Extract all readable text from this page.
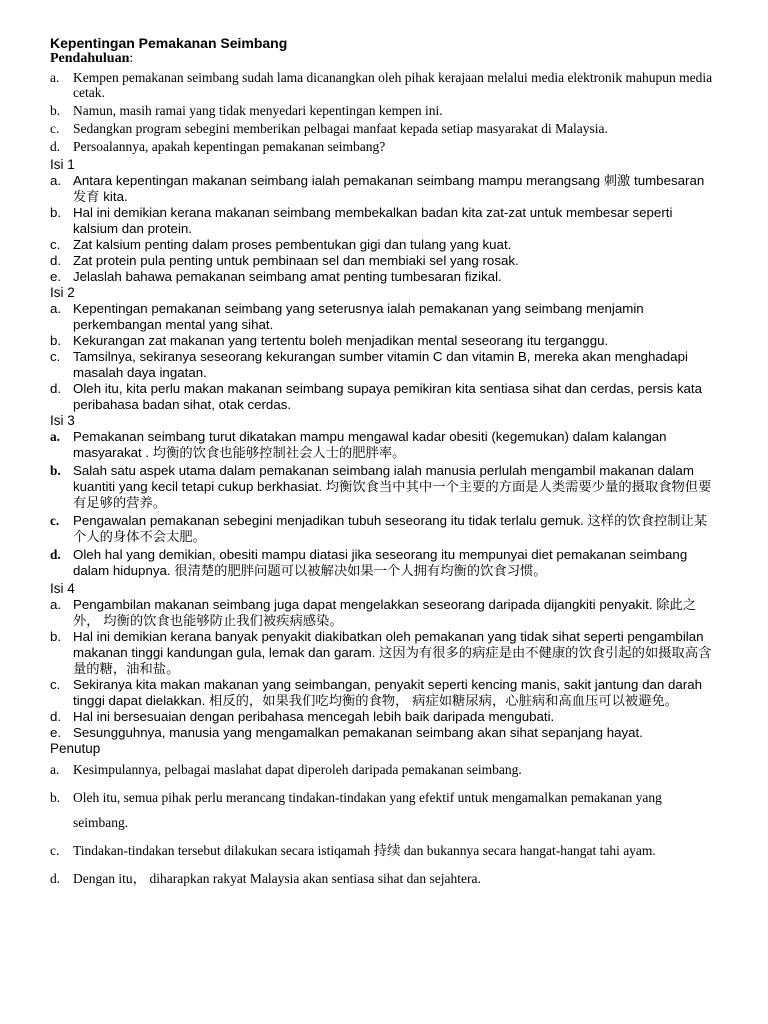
Kepentingan Pemakanan Seimbang
Pendahuluan:
a. Kempen pemakanan seimbang sudah lama dicanangkan oleh pihak kerajaan melalui media elektronik mahupun media cetak.
b. Namun, masih ramai yang tidak menyedari kepentingan kempen ini.
c. Sedangkan program sebegini memberikan pelbagai manfaat kepada setiap masyarakat di Malaysia.
d. Persoalannya, apakah kepentingan pemakanan seimbang?
Isi 1
a. Antara kepentingan makanan seimbang ialah pemakanan seimbang mampu merangsang 刺激 tumbesaran 发育 kita.
b. Hal ini demikian kerana makanan seimbang membekalkan badan kita zat-zat untuk membesar seperti kalsium dan protein.
c. Zat kalsium penting dalam proses pembentukan gigi dan tulang yang kuat.
d. Zat protein pula penting untuk pembinaan sel dan membiaki sel yang rosak.
e. Jelaslah bahawa pemakanan seimbang amat penting tumbesaran fizikal.
Isi 2
a. Kepentingan pemakanan seimbang yang seterusnya ialah pemakanan yang seimbang menjamin perkembangan mental yang sihat.
b. Kekurangan zat makanan yang tertentu boleh menjadikan mental seseorang itu terganggu.
c. Tamsilnya, sekiranya seseorang kekurangan sumber vitamin C dan vitamin B, mereka akan menghadapi masalah daya ingatan.
d. Oleh itu, kita perlu makan makanan seimbang supaya pemikiran kita sentiasa sihat dan cerdas, persis kata peribahasa badan sihat, otak cerdas.
Isi 3
a. Pemakanan seimbang turut dikatakan mampu mengawal kadar obesiti (kegemukan) dalam kalangan masyarakat . 均衡的饮食也能够控制社会人士的肥胖率。
b. Salah satu aspek utama dalam pemakanan seimbang ialah manusia perlulah mengambil makanan dalam kuantiti yang kecil tetapi cukup berkhasiat. 均衡饮食当中其中一个主要的方面是人类需要少量的摄取食物但要有足够的营养。
c. Pengawalan pemakanan sebegini menjadikan tubuh seseorang itu tidak terlalu gemuk. 这样的饮食控制让某个人的身体不会太肥。
d. Oleh hal yang demikian, obesiti mampu diatasi jika seseorang itu mempunyai diet pemakanan seimbang dalam hidupnya. 很清楚的肥胖问题可以被解决如果一个人拥有均衡的饮食习惯。
Isi 4
a. Pengambilan makanan seimbang juga dapat mengelakkan seseorang daripada dijangkiti penyakit. 除此之外， 均衡的饮食也能够防止我们被疾病感染。
b. Hal ini demikian kerana banyak penyakit diakibatkan oleh pemakanan yang tidak sihat seperti pengambilan makanan tinggi kandungan gula, lemak dan garam. 这因为有很多的病症是由不健康的饮食引起的如摄取高含量的糖，油和盐。
c. Sekiranya kita makan makanan yang seimbangan, penyakit seperti kencing manis, sakit jantung dan darah tinggi dapat dielakkan. 相反的，如果我们吃均衡的食物， 病症如糖尿病，心脏病和高血压可以被避免。
d. Hal ini bersesuaian dengan peribahasa mencegah lebih baik daripada mengubati.
e. Sesungguhnya, manusia yang mengamalkan pemakanan seimbang akan sihat sepanjang hayat.
Penutup
a. Kesimpulannya, pelbagai maslahat dapat diperoleh daripada pemakanan seimbang.
b. Oleh itu, semua pihak perlu merancang tindakan-tindakan yang efektif untuk mengamalkan pemakanan yang seimbang.
c. Tindakan-tindakan tersebut dilakukan secara istiqamah 持续 dan bukannya secara hangat-hangat tahi ayam.
d. Dengan itu， diharapkan rakyat Malaysia akan sentiasa sihat dan sejahtera.
